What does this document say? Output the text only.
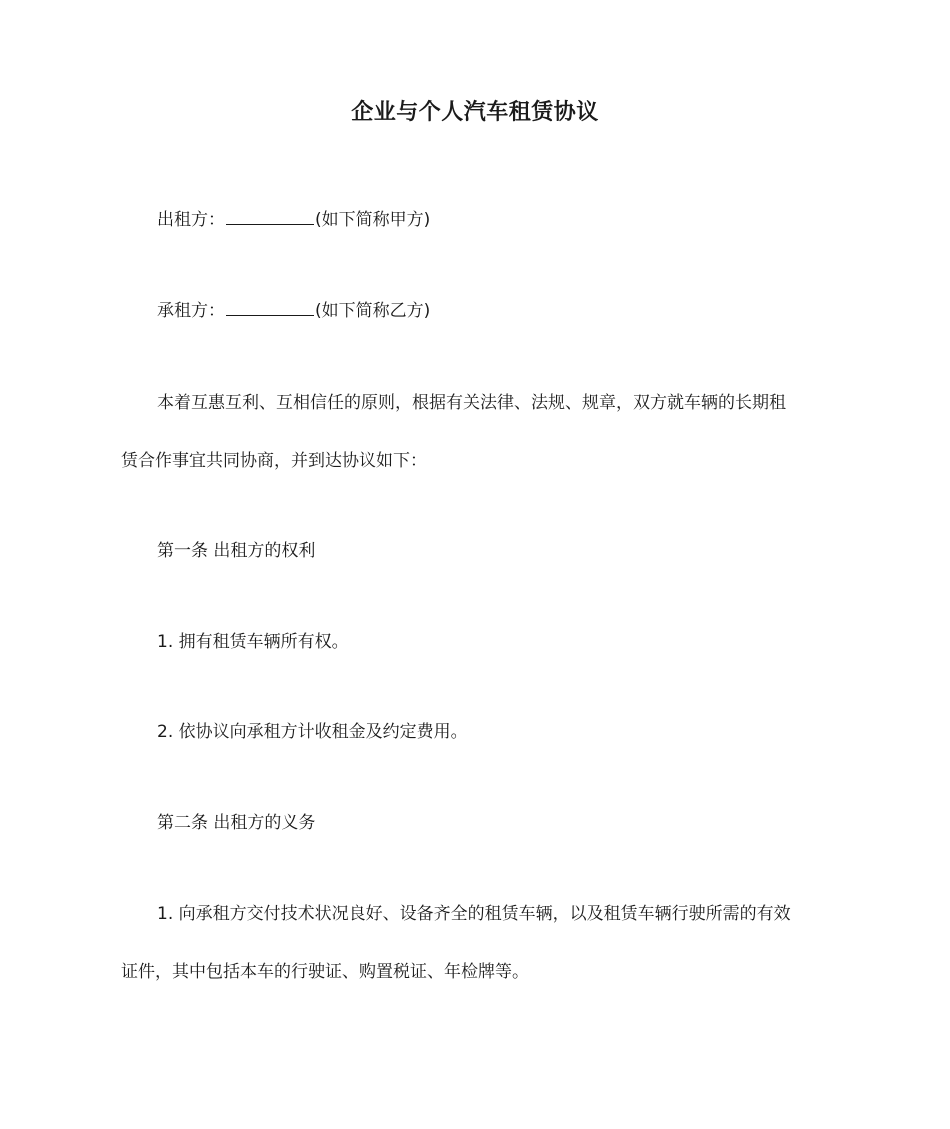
企业与个人汽车租赁协议
出租方：	(如下简称甲方)
承租方：	(如下简称乙方)
本着互惠互利、互相信任的原则，根据有关法律、法规、规章，双方就车辆的长期租
赁合作事宜共同协商，并到达协议如下：
第一条 出租方的权利
1. 拥有租赁车辆所有权。
2. 依协议向承租方计收租金及约定费用。
第二条 出租方的义务
1. 向承租方交付技术状况良好、设备齐全的租赁车辆，以及租赁车辆行驶所需的有效
证件，其中包括本车的行驶证、购置税证、年检牌等。
